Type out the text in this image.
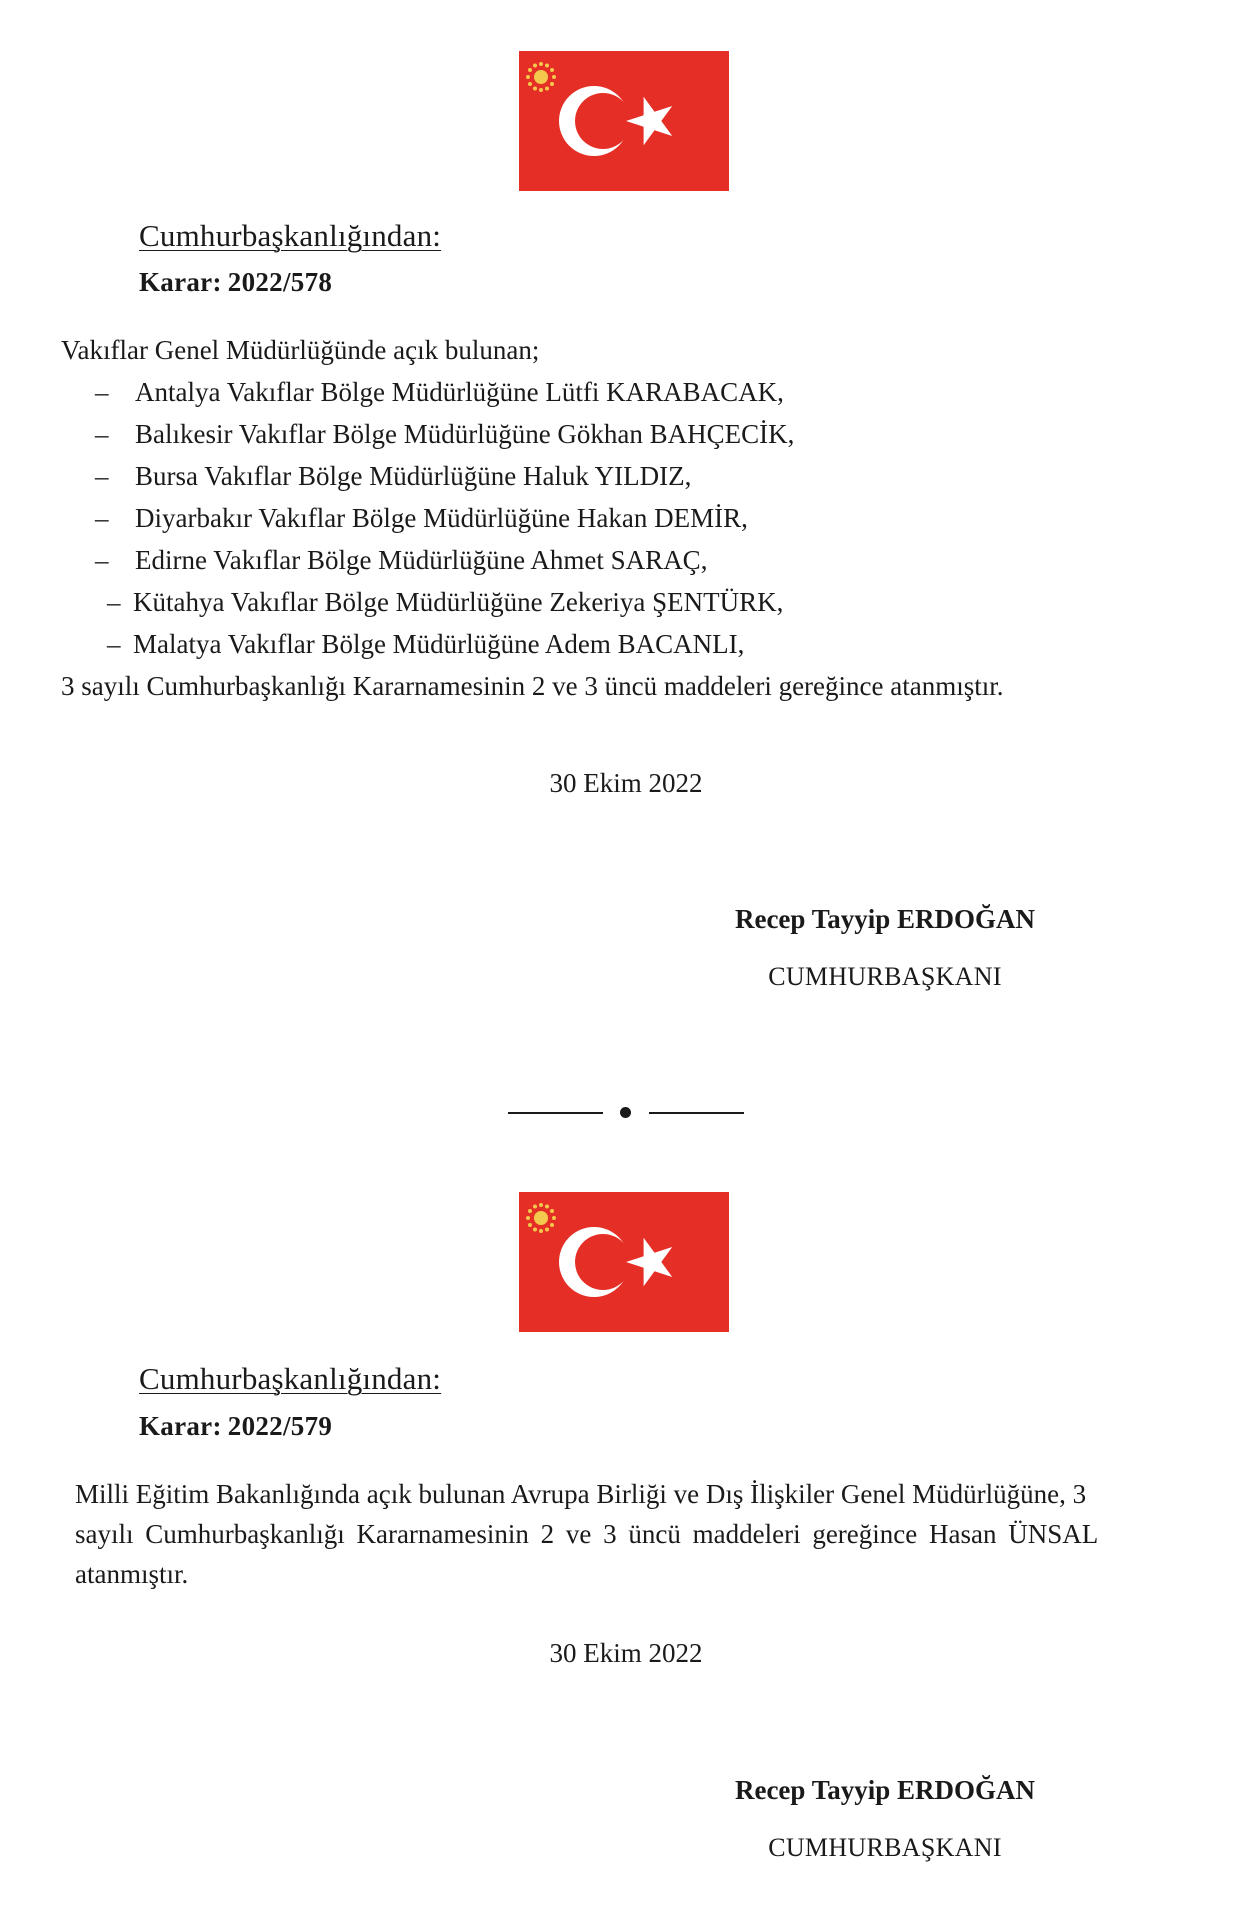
Cumhurbaşkanlığından:
Karar: 2022/578
Vakıflar Genel Müdürlüğünde açık bulunan;
– Antalya Vakıflar Bölge Müdürlüğüne Lütfi KARABACAK,
– Balıkesir Vakıflar Bölge Müdürlüğüne Gökhan BAHÇECİK,
– Bursa Vakıflar Bölge Müdürlüğüne Haluk YILDIZ,
– Diyarbakır Vakıflar Bölge Müdürlüğüne Hakan DEMİR,
– Edirne Vakıflar Bölge Müdürlüğüne Ahmet SARAÇ,
– Kütahya Vakıflar Bölge Müdürlüğüne Zekeriya ŞENTÜRK,
– Malatya Vakıflar Bölge Müdürlüğüne Adem BACANLI,
3 sayılı Cumhurbaşkanlığı Kararnamesinin 2 ve 3 üncü maddeleri gereğince atanmıştır.
30 Ekim 2022
Recep Tayyip ERDOĞAN
CUMHURBAŞKANI
Cumhurbaşkanlığından:
Karar: 2022/579
Milli Eğitim Bakanlığında açık bulunan Avrupa Birliği ve Dış İlişkiler Genel Müdürlüğüne, 3
sayılı Cumhurbaşkanlığı Kararnamesinin 2 ve 3 üncü maddeleri gereğince Hasan ÜNSAL
atanmıştır.
30 Ekim 2022
Recep Tayyip ERDOĞAN
CUMHURBAŞKANI
